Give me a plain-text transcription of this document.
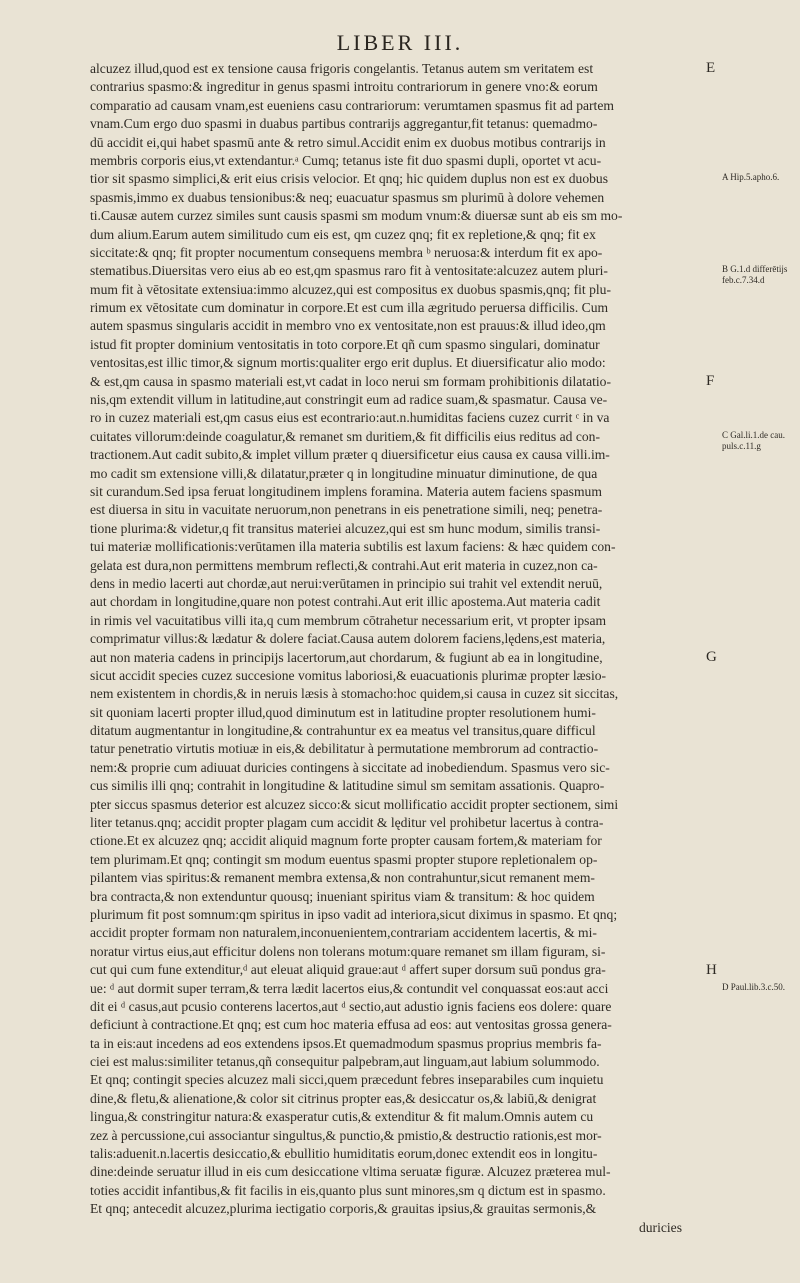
LIBER III.
alcuzez illud,quod est ex tensione causa frigoris congelantis. Tetanus autem sm veritatem est
contrarius spasmo:& ingreditur in genus spasmi introitu contrariorum in genere vno:& eorum
comparatio ad causam vnam,est eueniens casu contrariorum: verumtamen spasmus fit ad partem
vnam.Cum ergo duo spasmi in duabus partibus contrarijs aggregantur,fit tetanus: quemadmo-
dū accidit ei,qui habet spasmū ante & retro simul.Accidit enim ex duobus motibus contrarijs in
membris corporis eius,vt extendantur.ᵃ Cumq; tetanus iste fit duo spasmi dupli, oportet vt acu-
tior sit spasmo simplici,& erit eius crisis velocior. Et qnq; hic quidem duplus non est ex duobus
spasmis,immo ex duabus tensionibus:& neq; euacuatur spasmus sm plurimū à dolore vehemen
ti.Causæ autem curzez similes sunt causis spasmi sm modum vnum:& diuersæ sunt ab eis sm mo-
dum alium.Earum autem similitudo cum eis est, qm cuzez qnq; fit ex repletione,& qnq; fit ex
siccitate:& qnq; fit propter nocumentum consequens membra ᵇ neruosa:& interdum fit ex apo-
stematibus.Diuersitas vero eius ab eo est,qm spasmus raro fit à ventositate:alcuzez autem pluri-
mum fit à vētositate extensiua:immo alcuzez,qui est compositus ex duobus spasmis,qnq; fit plu-
rimum ex vētositate cum dominatur in corpore.Et est cum illa ægritudo peruersa difficilis. Cum
autem spasmus singularis accidit in membro vno ex ventositate,non est prauus:& illud ideo,qm
istud fit propter dominium ventositatis in toto corpore.Et qñ cum spasmo singulari, dominatur
ventositas,est illic timor,& signum mortis:qualiter ergo erit duplus. Et diuersificatur alio modo:
& est,qm causa in spasmo materiali est,vt cadat in loco nerui sm formam prohibitionis dilatatio-
nis,qm extendit villum in latitudine,aut constringit eum ad radice suam,& spasmatur. Causa ve-
ro in cuzez materiali est,qm casus eius est econtrario:aut.n.humiditas faciens cuzez currit ᶜ in va
cuitates villorum:deinde coagulatur,& remanet sm duritiem,& fit difficilis eius reditus ad con-
tractionem.Aut cadit subito,& implet villum præter q diuersificetur eius causa ex causa villi.im-
mo cadit sm extensione villi,& dilatatur,præter q in longitudine minuatur diminutione, de qua
sit curandum.Sed ipsa feruat longitudinem implens foramina. Materia autem faciens spasmum
est diuersa in situ in vacuitate neruorum,non penetrans in eis penetratione simili, neq; penetra-
tione plurima:& videtur,q fit transitus materiei alcuzez,qui est sm hunc modum, similis transi-
tui materiæ mollificationis:verūtamen illa materia subtilis est laxum faciens: & hæc quidem con-
gelata est dura,non permittens membrum reflecti,& contrahi.Aut erit materia in cuzez,non ca-
dens in medio lacerti aut chordæ,aut nerui:verūtamen in principio sui trahit vel extendit neruū,
aut chordam in longitudine,quare non potest contrahi.Aut erit illic apostema.Aut materia cadit
in rimis vel vacuitatibus villi ita,q cum membrum cōtrahetur necessarium erit, vt propter ipsam
comprimatur villus:& lædatur & dolere faciat.Causa autem dolorem faciens,lędens,est materia,
aut non materia cadens in principijs lacertorum,aut chordarum, & fugiunt ab ea in longitudine,
sicut accidit species cuzez succesione vomitus laboriosi,& euacuationis plurimæ propter læsio-
nem existentem in chordis,& in neruis læsis à stomacho:hoc quidem,si causa in cuzez sit siccitas,
sit quoniam lacerti propter illud,quod diminutum est in latitudine propter resolutionem humi-
ditatum augmentantur in longitudine,& contrahuntur ex ea meatus vel transitus,quare difficul
tatur penetratio virtutis motiuæ in eis,& debilitatur à permutatione membrorum ad contractio-
nem:& proprie cum adiuuat duricies contingens à siccitate ad inobediendum. Spasmus vero sic-
cus similis illi qnq; contrahit in longitudine & latitudine simul sm semitam assationis. Quapro-
pter siccus spasmus deterior est alcuzez sicco:& sicut mollificatio accidit propter sectionem, simi
liter tetanus.qnq; accidit propter plagam cum accidit & lęditur vel prohibetur lacertus à contra-
ctione.Et ex alcuzez qnq; accidit aliquid magnum forte propter causam fortem,& materiam for
tem plurimam.Et qnq; contingit sm modum euentus spasmi propter stupore repletionalem op-
pilantem vias spiritus:& remanent membra extensa,& non contrahuntur,sicut remanent mem-
bra contracta,& non extenduntur quousq; inueniant spiritus viam & transitum: & hoc quidem
plurimum fit post somnum:qm spiritus in ipso vadit ad interiora,sicut diximus in spasmo. Et qnq;
accidit propter formam non naturalem,inconuenientem,contrariam accidentem lacertis, & mi-
noratur virtus eius,aut efficitur dolens non tolerans motum:quare remanet sm illam figuram, si-
cut qui cum fune extenditur,ᵈ aut eleuat aliquid graue:aut ᵈ affert super dorsum suū pondus gra-
ue: ᵈ aut dormit super terram,& terra lædit lacertos eius,& contundit vel conquassat eos:aut acci
dit ei ᵈ casus,aut pcusio conterens lacertos,aut ᵈ sectio,aut adustio ignis faciens eos dolere: quare
deficiunt à contractione.Et qnq; est cum hoc materia effusa ad eos: aut ventositas grossa genera-
ta in eis:aut incedens ad eos extendens ipsos.Et quemadmodum spasmus proprius membris fa-
ciei est malus:similiter tetanus,qñ consequitur palpebram,aut linguam,aut labium solummodo.
Et qnq; contingit species alcuzez mali sicci,quem præcedunt febres inseparabiles cum inquietu
dine,& fletu,& alienatione,& color sit citrinus propter eas,& desiccatur os,& labiū,& denigrat
lingua,& constringitur natura:& exasperatur cutis,& extenditur & fit malum.Omnis autem cu
zez à percussione,cui associantur singultus,& punctio,& pmistio,& destructio rationis,est mor-
talis:aduenit.n.lacertis desiccatio,& ebullitio humiditatis eorum,donec extendit eos in longitu-
dine:deinde seruatur illud in eis cum desiccatione vltima seruatæ figuræ. Alcuzez præterea mul-
toties accidit infantibus,& fit facilis in eis,quanto plus sunt minores,sm q dictum est in spasmo.
Et qnq; antecedit alcuzez,plurima iectigatio corporis,& grauitas ipsius,& grauitas sermonis,&
duricies
E
F
G
H
A Hip.5.apho.6.
B G.1.d differētijs feb.c.7.34.d
C Gal.li.1.de cau. puls.c.11.g
D Paul.lib.3.c.50.
